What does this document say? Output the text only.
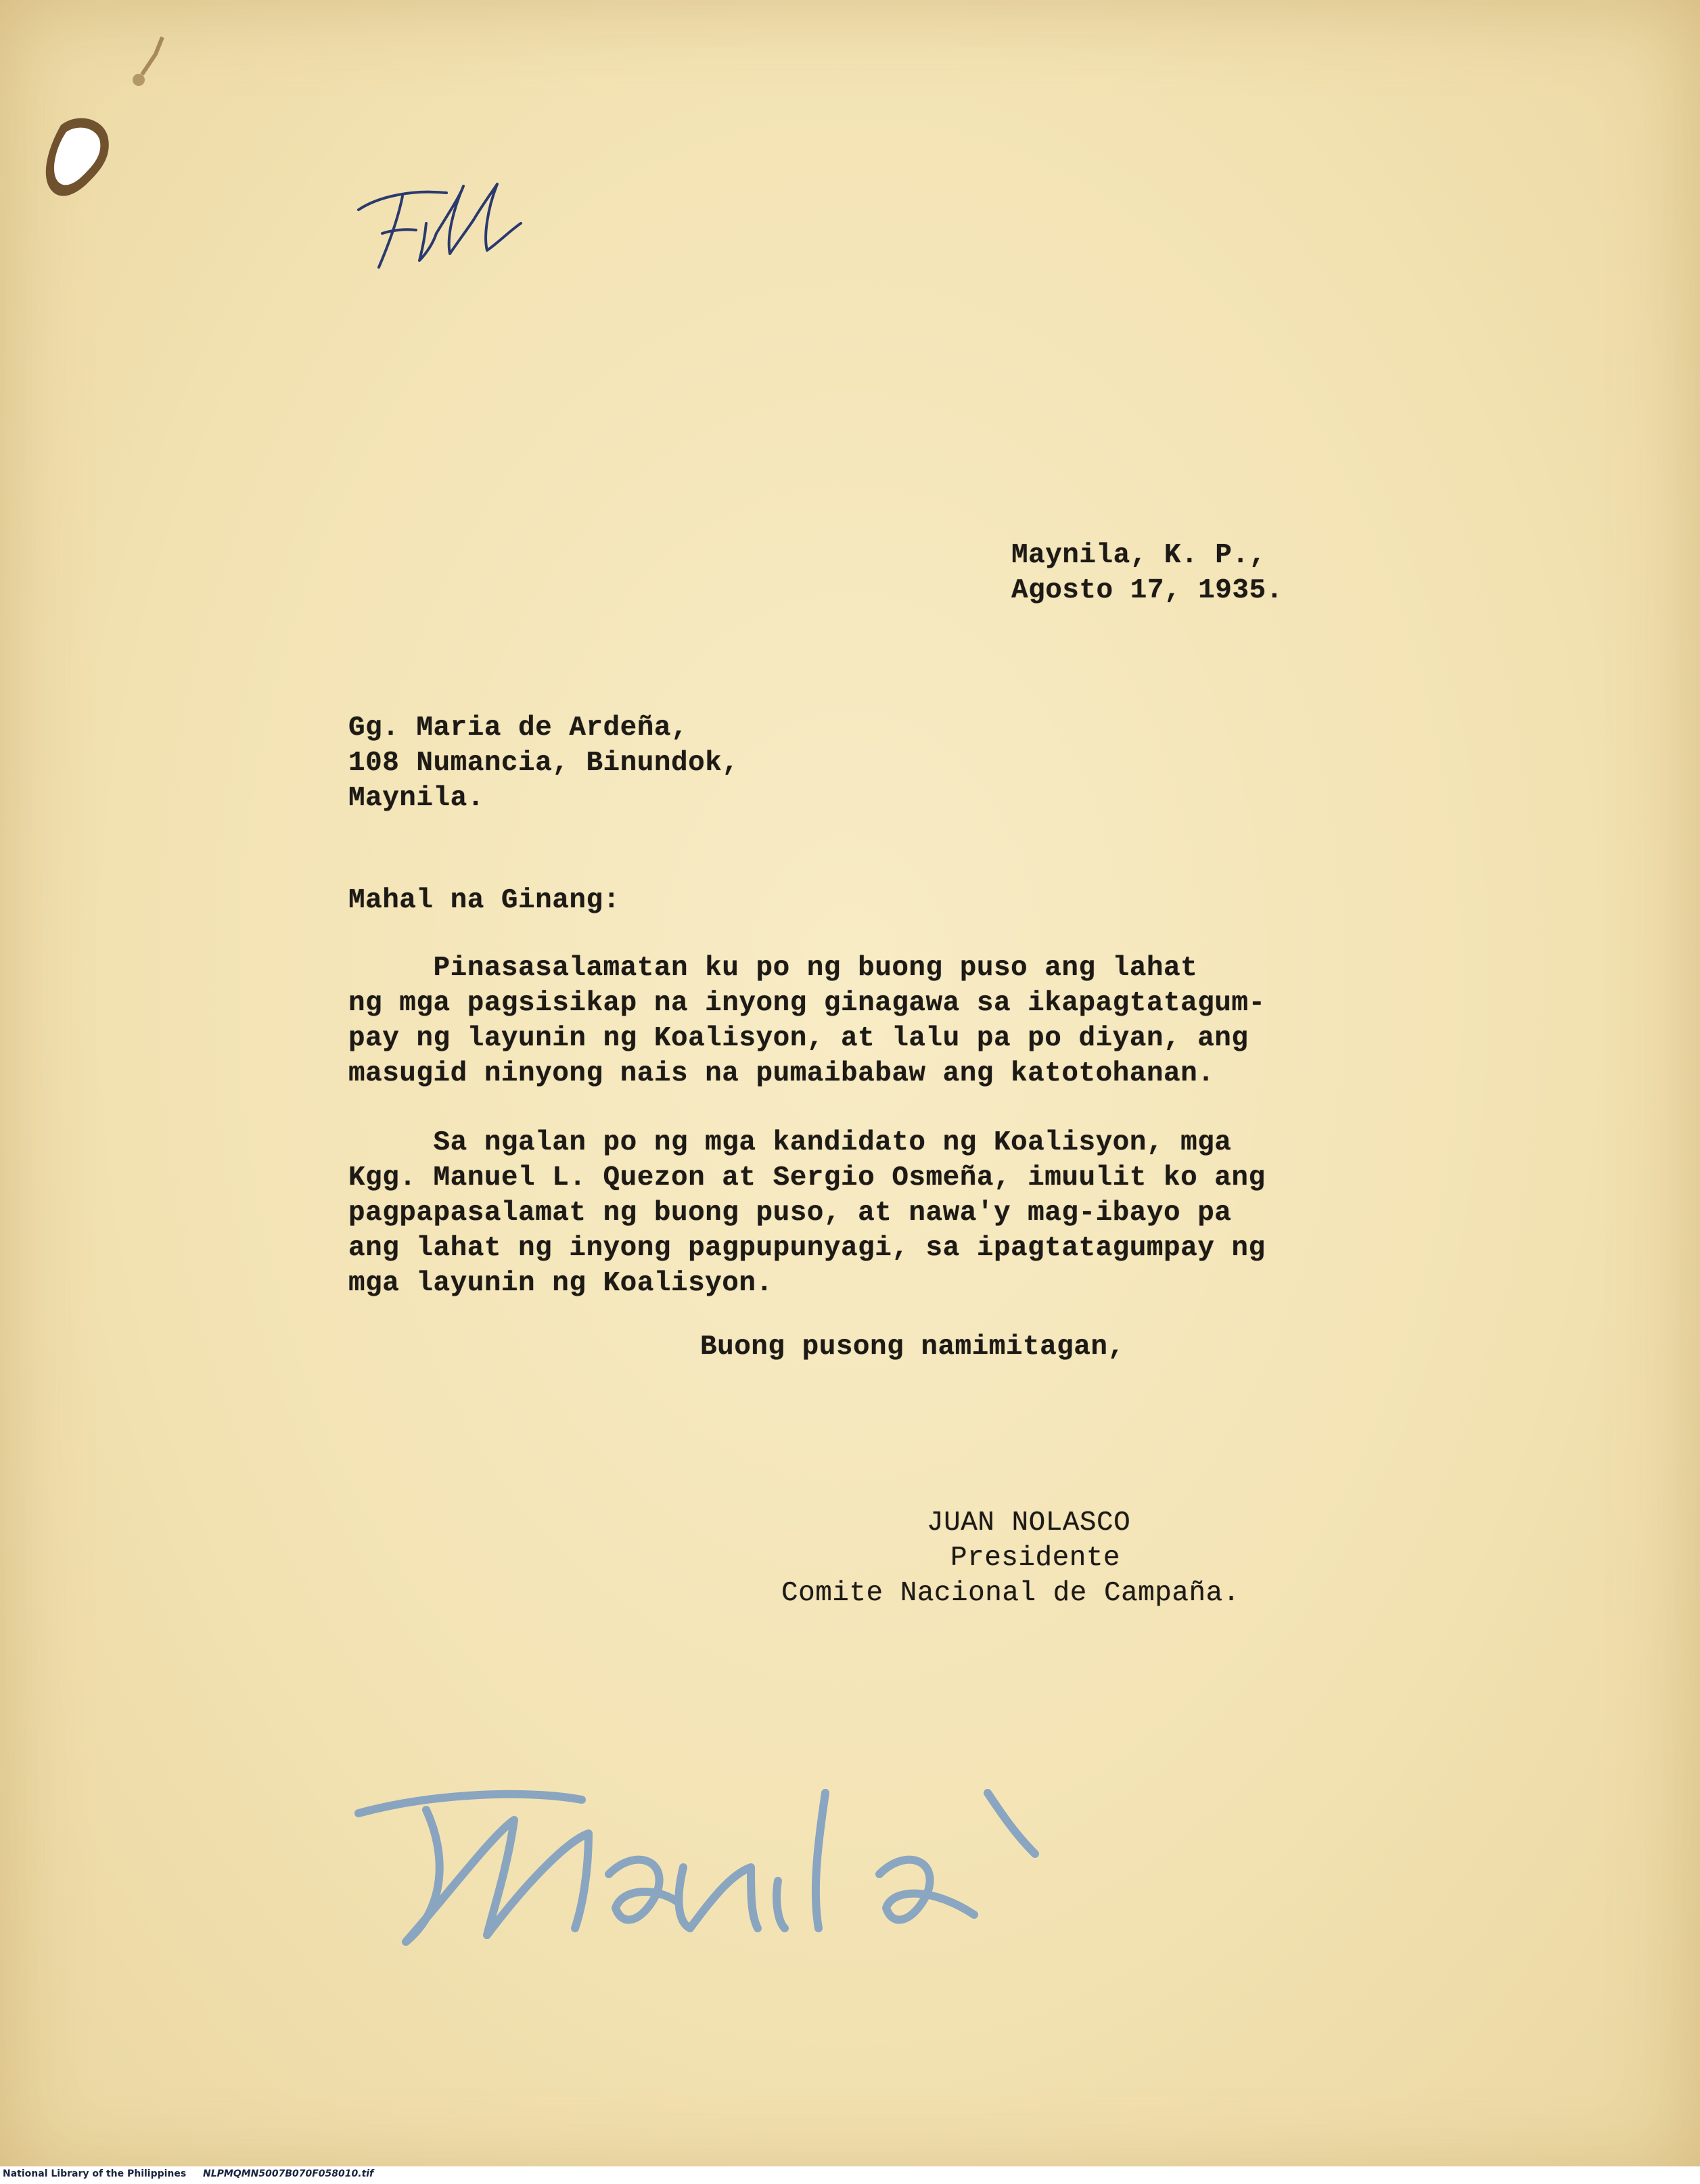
File
Maynila, K. P.,
Agosto 17, 1935.
Gg. Maria de Ardeña,
108 Numancia, Binundok,
Maynila.
Mahal na Ginang:
Pinasasalamatan ku po ng buong puso ang lahat
ng mga pagsisikap na inyong ginagawa sa ikapagtatagum-
pay ng layunin ng Koalisyon, at lalu pa po diyan, ang
masugid ninyong nais na pumaibabaw ang katotohanan.
Sa ngalan po ng mga kandidato ng Koalisyon, mga
Kgg. Manuel L. Quezon at Sergio Osmeña, imuulit ko ang
pagpapasalamat ng buong puso, at nawa'y mag-ibayo pa
ang lahat ng inyong pagpupunyagi, sa ipagtatagumpay ng
mga layunin ng Koalisyon.
Buong pusong namimitagan,
JUAN NOLASCO
Presidente
Comite Nacional de Campaña.
Manila
National Library of the Philippines NLPMQMN5007B070F058010.tif
